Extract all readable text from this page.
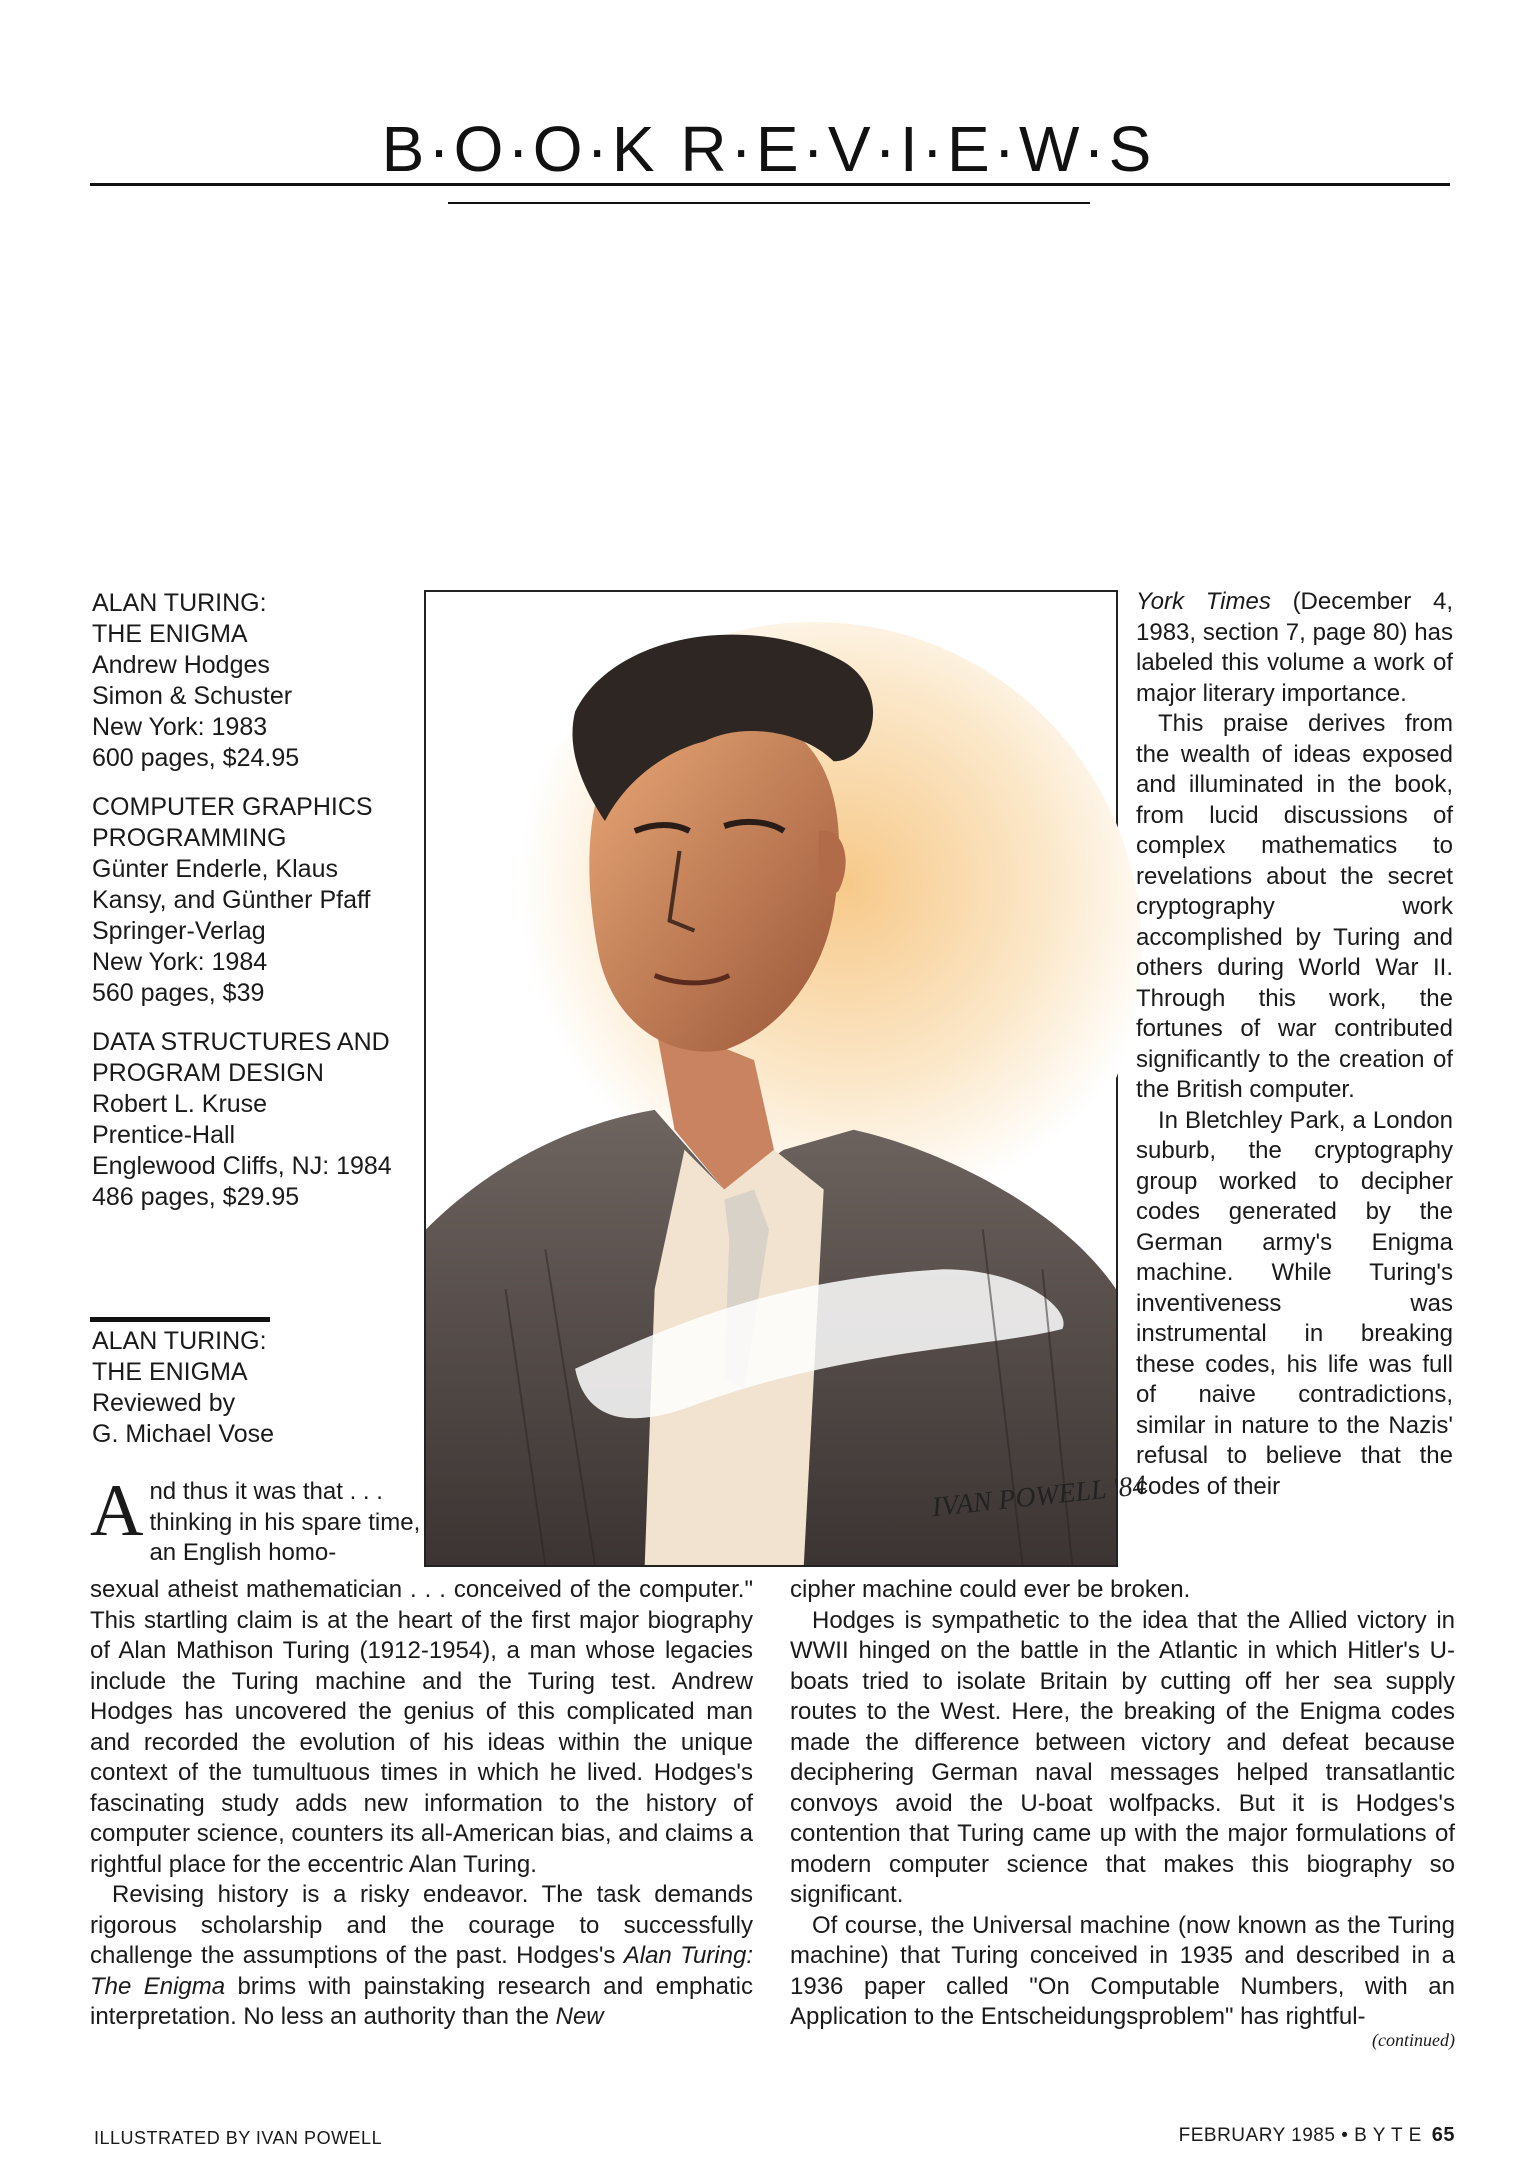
B·O·O·K R·E·V·I·E·W·S
ALAN TURING:
THE ENIGMA
Andrew Hodges
Simon & Schuster
New York: 1983
600 pages, $24.95
COMPUTER GRAPHICS
PROGRAMMING
Günter Enderle, Klaus
Kansy, and Günther Pfaff
Springer-Verlag
New York: 1984
560 pages, $39
DATA STRUCTURES AND
PROGRAM DESIGN
Robert L. Kruse
Prentice-Hall
Englewood Cliffs, NJ: 1984
486 pages, $29.95
ALAN TURING:
THE ENIGMA
Reviewed by
G. Michael Vose
IVAN POWELL '84

York Times (December 4, 1983, section 7, page 80) has labeled this volume a work of major literary importance.

This praise derives from the wealth of ideas exposed and illuminated in the book, from lucid discussions of complex mathematics to revelations about the secret cryptography work accomplished by Turing and others during World War II. Through this work, the fortunes of war contributed significantly to the creation of the British computer.

In Bletchley Park, a London suburb, the cryptography group worked to decipher codes generated by the German army's Enigma machine. While Turing's inventiveness was instrumental in breaking these codes, his life was full of naive contradictions, similar in nature to the Nazis' refusal to believe that the codes of their

And thus it was that . . . thinking in his spare time, an English homo-

sexual atheist mathematician . . . conceived of the computer." This startling claim is at the heart of the first major biography of Alan Mathison Turing (1912-1954), a man whose legacies include the Turing machine and the Turing test. Andrew Hodges has uncovered the genius of this complicated man and recorded the evolution of his ideas within the unique context of the tumultuous times in which he lived. Hodges's fascinating study adds new information to the history of computer science, counters its all-American bias, and claims a rightful place for the eccentric Alan Turing.

Revising history is a risky endeavor. The task demands rigorous scholarship and the courage to successfully challenge the assumptions of the past. Hodges's Alan Turing: The Enigma brims with painstaking research and emphatic interpretation. No less an authority than the New

cipher machine could ever be broken.

Hodges is sympathetic to the idea that the Allied victory in WWII hinged on the battle in the Atlantic in which Hitler's U-boats tried to isolate Britain by cutting off her sea supply routes to the West. Here, the breaking of the Enigma codes made the difference between victory and defeat because deciphering German naval messages helped transatlantic convoys avoid the U-boat wolfpacks. But it is Hodges's contention that Turing came up with the major formulations of modern computer science that makes this biography so significant.

Of course, the Universal machine (now known as the Turing machine) that Turing conceived in 1935 and described in a 1936 paper called "On Computable Numbers, with an Application to the Entscheidungsproblem" has rightful-

(continued)
ILLUSTRATED BY IVAN POWELL	FEBRUARY 1985 • B Y T E 65
